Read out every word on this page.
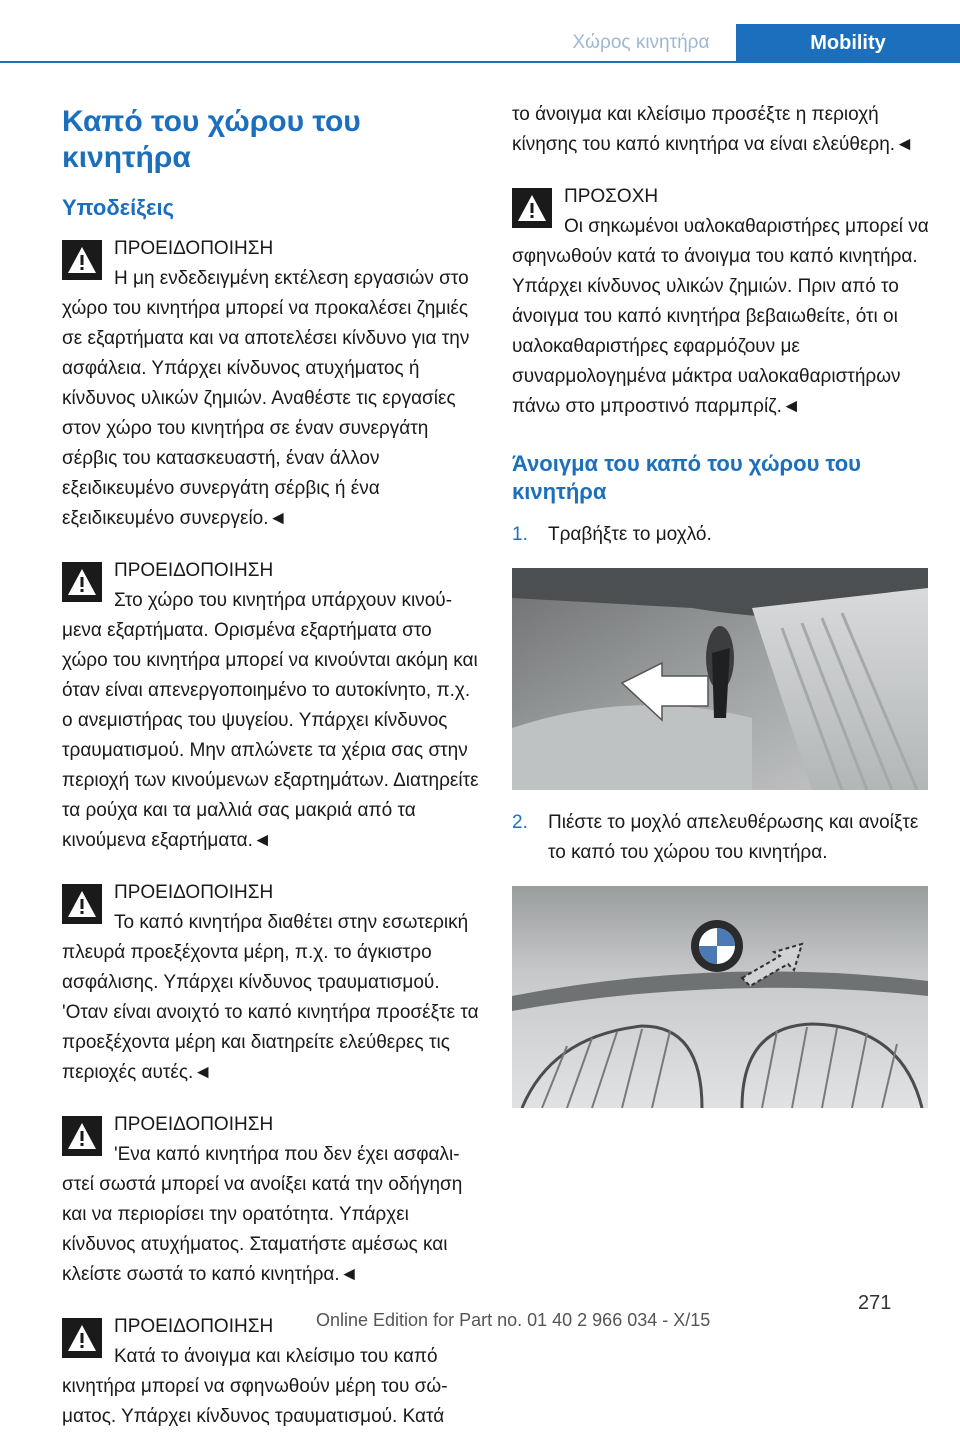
Χώρος κινητήρα	Mobility
Καπό του χώρου του κινητήρα
Υποδείξεις
ΠΡΟΕΙΔΟΠΟΙΗΣΗ

Η μη ενδεδειγμένη εκτέλεση εργασιών στο χώρο του κινητήρα μπορεί να προκαλέσει ζημιές σε εξαρτήματα και να αποτελέσει κίνδυνο για την ασφάλεια. Υπάρχει κίνδυνος ατυχήματος ή κίνδυνος υλικών ζημιών. Αναθέστε τις εργασίες στον χώρο του κινητήρα σε έναν συνεργάτη σέρβις του κατασκευαστή, έναν άλλον εξειδικευμένο συνεργάτη σέρβις ή ένα εξειδικευμένο συνεργείο.◄

ΠΡΟΕΙΔΟΠΟΙΗΣΗ

Στο χώρο του κινητήρα υπάρχουν κινούμενα εξαρτήματα. Ορισμένα εξαρτήματα στο χώρο του κινητήρα μπορεί να κινούνται ακόμη και όταν είναι απενεργοποιημένο το αυτοκίνητο, π.χ. ο ανεμιστήρας του ψυγείου. Υπάρχει κίνδυνος τραυματισμού. Μην απλώνετε τα χέρια σας στην περιοχή των κινούμενων εξαρτημάτων. Διατηρείτε τα ρούχα και τα μαλλιά σας μακριά από τα κινούμενα εξαρτήματα.◄

ΠΡΟΕΙΔΟΠΟΙΗΣΗ

Το καπό κινητήρα διαθέτει στην εσωτερική πλευρά προεξέχοντα μέρη, π.χ. το άγκιστρο ασφάλισης. Υπάρχει κίνδυνος τραυματισμού. 'Οταν είναι ανοιχτό το καπό κινητήρα προσέξτε τα προεξέχοντα μέρη και διατηρείτε ελεύθερες τις περιοχές αυτές.◄

ΠΡΟΕΙΔΟΠΟΙΗΣΗ

'Ενα καπό κινητήρα που δεν έχει ασφαλιστεί σωστά μπορεί να ανοίξει κατά την οδήγηση και να περιορίσει την ορατότητα. Υπάρχει κίνδυνος ατυχήματος. Σταματήστε αμέσως και κλείστε σωστά το καπό κινητήρα.◄

ΠΡΟΕΙΔΟΠΟΙΗΣΗ

Κατά το άνοιγμα και κλείσιμο του καπό κινητήρα μπορεί να σφηνωθούν μέρη του σώματος. Υπάρχει κίνδυνος τραυματισμού. Κατά

το άνοιγμα και κλείσιμο προσέξτε η περιοχή κίνησης του καπό κινητήρα να είναι ελεύθερη.◄

ΠΡΟΣΟΧΗ

Οι σηκωμένοι υαλοκαθαριστήρες μπορεί να σφηνωθούν κατά το άνοιγμα του καπό κινητήρα. Υπάρχει κίνδυνος υλικών ζημιών. Πριν από το άνοιγμα του καπό κινητήρα βεβαιωθείτε, ότι οι υαλοκαθαριστήρες εφαρμόζουν με συναρμολογημένα μάκτρα υαλοκαθαριστήρων πάνω στο μπροστινό παρμπρίζ.◄

Άνοιγμα του καπό του χώρου του κινητήρα
1. Τραβήξτε το μοχλό.
2. Πιέστε το μοχλό απελευθέρωσης και ανοίξτε το καπό του χώρου του κινητήρα.
271
Online Edition for Part no. 01 40 2 966 034 - X/15
